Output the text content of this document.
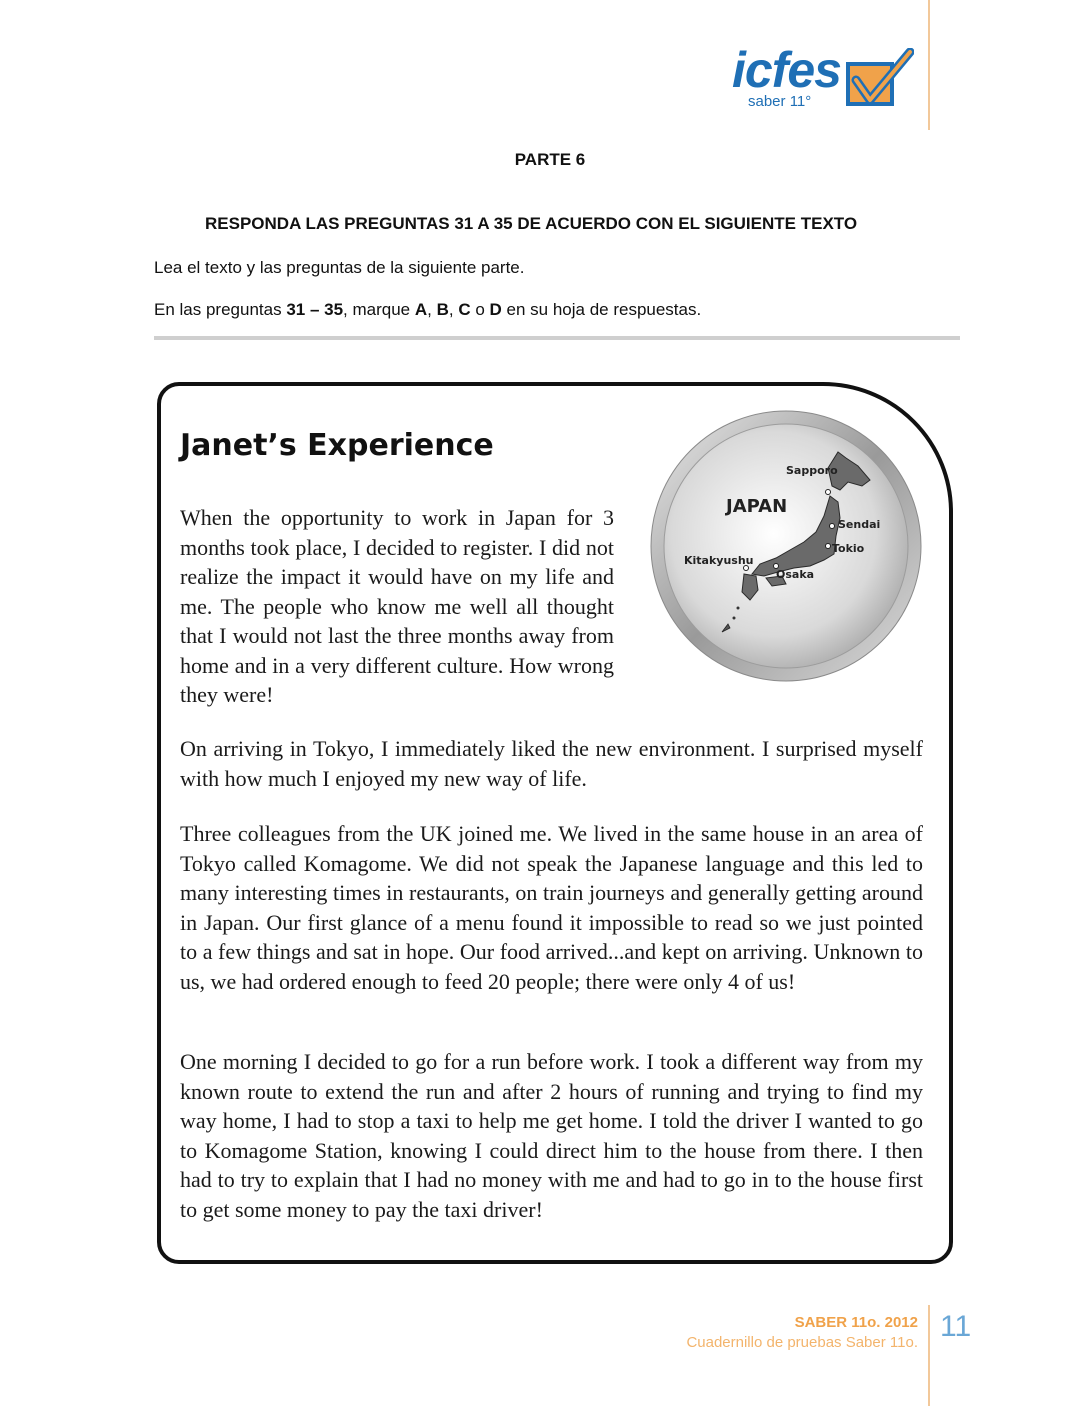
icfes
saber 11°
PARTE 6
RESPONDA LAS PREGUNTAS 31 A 35 DE ACUERDO CON EL SIGUIENTE TEXTO
Lea el texto y las preguntas de la siguiente parte.
En las preguntas 31 – 35, marque A, B, C o D en su hoja de respuestas.
Janet’s Experience

When the opportunity to work in Japan for 3 months took place, I decided to register. I did not realize the impact it would have on my life and me. The people who know me well all thought that I would not last the three months away from home and in a very different culture. How wrong they were!

On arriving in Tokyo, I immediately liked the new environment. I surprised myself with how much I enjoyed my new way of life.

Three colleagues from the UK joined me. We lived in the same house in an area of Tokyo called Komagome. We did not speak the Japanese language and this led to many interesting times in restaurants, on train journeys and generally getting around in Japan. Our first glance of a menu found it impossible to read so we just pointed to a few things and sat in hope. Our food arrived...and kept on arriving. Unknown to us, we had ordered enough to feed 20 people; there were only 4 of us!

One morning I decided to go for a run before work. I took a different way from my known route to extend the run and after 2 hours of running and trying to find my way home, I had to stop a taxi to help me get home. I told the driver I wanted to go to Komagome Station, knowing I could direct him to the house from there. I then had to try to explain that I had no money with me and had to go in to the house first to get some money to pay the taxi driver!

JAPAN
Sapporo
Sendai
Tokio
Kitakyushu
Osaka
SABER 11o. 2012
Cuadernillo de pruebas Saber 11o. 11
